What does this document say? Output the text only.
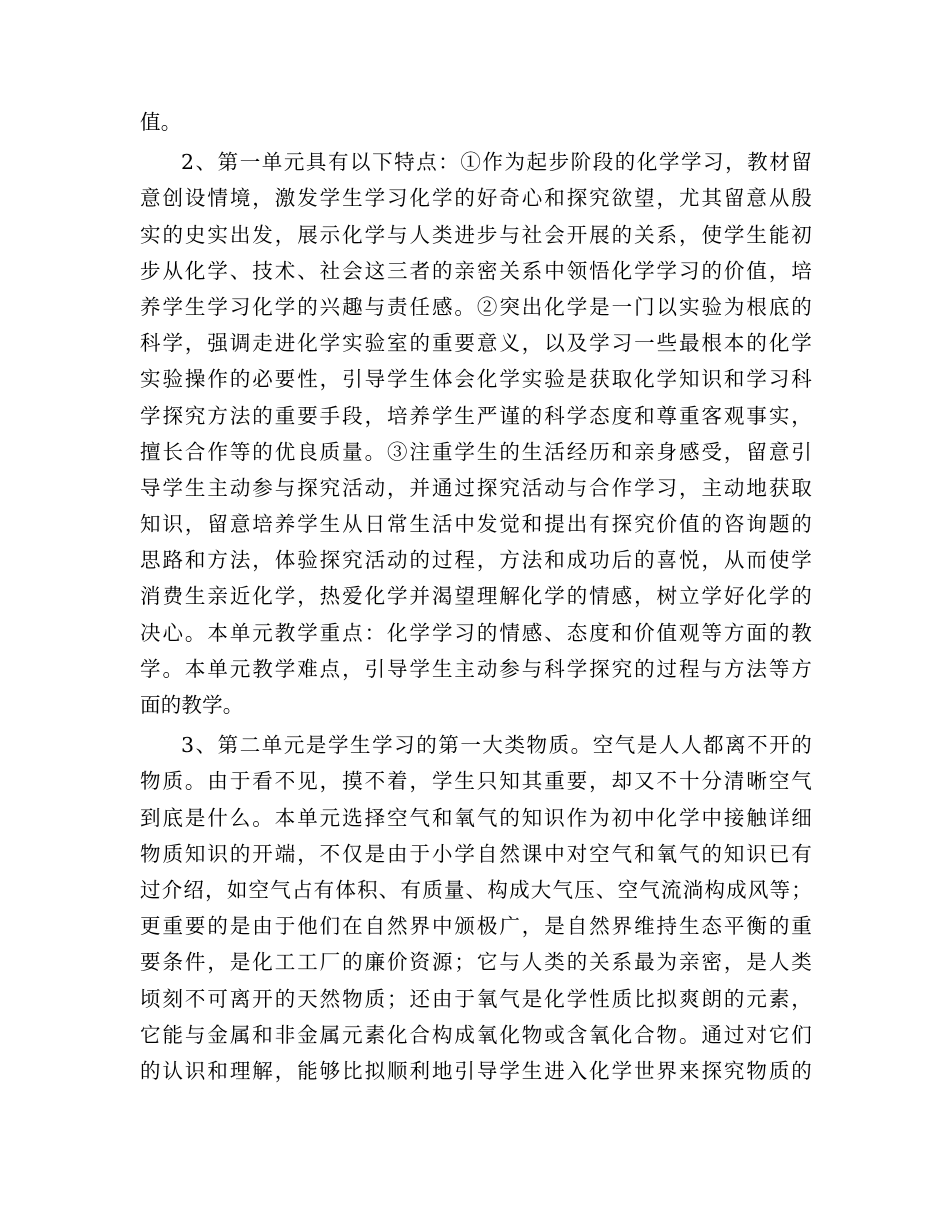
值。
2、第一单元具有以下特点：①作为起步阶段的化学学习，教材留
意创设情境，激发学生学习化学的好奇心和探究欲望，尤其留意从殷
实的史实出发，展示化学与人类进步与社会开展的关系，使学生能初
步从化学、技术、社会这三者的亲密关系中领悟化学学习的价值，培
养学生学习化学的兴趣与责任感。②突出化学是一门以实验为根底的
科学，强调走进化学实验室的重要意义，以及学习一些最根本的化学
实验操作的必要性，引导学生体会化学实验是获取化学知识和学习科
学探究方法的重要手段，培养学生严谨的科学态度和尊重客观事实，
擅长合作等的优良质量。③注重学生的生活经历和亲身感受，留意引
导学生主动参与探究活动，并通过探究活动与合作学习，主动地获取
知识，留意培养学生从日常生活中发觉和提出有探究价值的咨询题的
思路和方法，体验探究活动的过程，方法和成功后的喜悦，从而使学
消费生亲近化学，热爱化学并渴望理解化学的情感，树立学好化学的
决心。本单元教学重点：化学学习的情感、态度和价值观等方面的教
学。本单元教学难点，引导学生主动参与科学探究的过程与方法等方
面的教学。
3、第二单元是学生学习的第一大类物质。空气是人人都离不开的
物质。由于看不见，摸不着，学生只知其重要，却又不十分清晰空气
到底是什么。本单元选择空气和氧气的知识作为初中化学中接触详细
物质知识的开端，不仅是由于小学自然课中对空气和氧气的知识已有
过介绍，如空气占有体积、有质量、构成大气压、空气流淌构成风等；
更重要的是由于他们在自然界中颁极广，是自然界维持生态平衡的重
要条件，是化工工厂的廉价资源；它与人类的关系最为亲密，是人类
顷刻不可离开的天然物质；还由于氧气是化学性质比拟爽朗的元素，
它能与金属和非金属元素化合构成氧化物或含氧化合物。通过对它们
的认识和理解，能够比拟顺利地引导学生进入化学世界来探究物质的
